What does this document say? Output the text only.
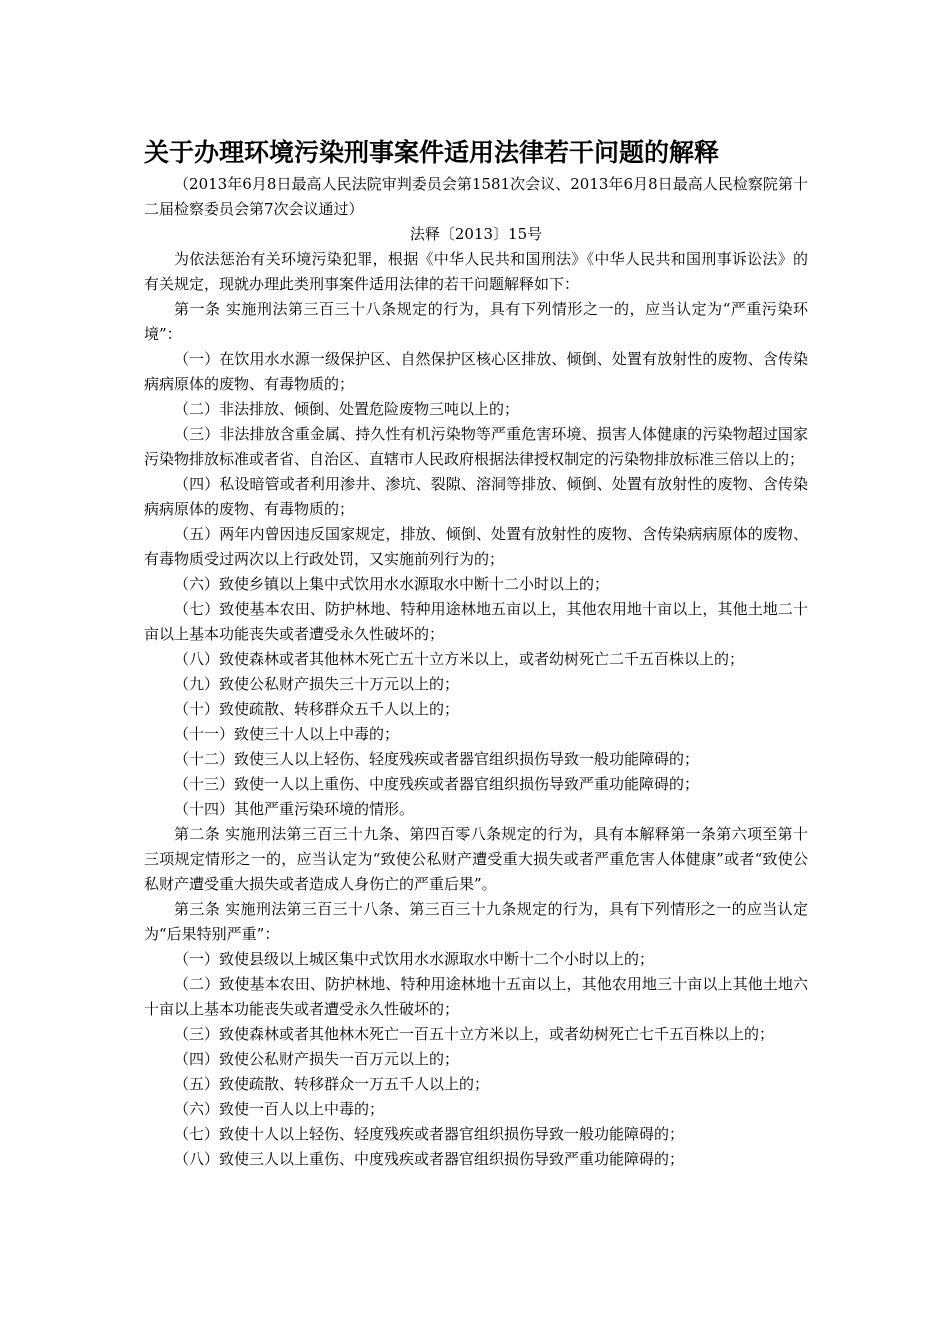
关于办理环境污染刑事案件适用法律若干问题的解释

（2013年6月8日最高人民法院审判委员会第1581次会议、2013年6月8日最高人民检察院第十二届检察委员会第7次会议通过）

法释〔2013〕15号

为依法惩治有关环境污染犯罪，根据《中华人民共和国刑法》《中华人民共和国刑事诉讼法》的有关规定，现就办理此类刑事案件适用法律的若干问题解释如下：

第一条 实施刑法第三百三十八条规定的行为，具有下列情形之一的，应当认定为“严重污染环境”：

（一）在饮用水水源一级保护区、自然保护区核心区排放、倾倒、处置有放射性的废物、含传染病病原体的废物、有毒物质的；

（二）非法排放、倾倒、处置危险废物三吨以上的；

（三）非法排放含重金属、持久性有机污染物等严重危害环境、损害人体健康的污染物超过国家污染物排放标准或者省、自治区、直辖市人民政府根据法律授权制定的污染物排放标准三倍以上的；

（四）私设暗管或者利用渗井、渗坑、裂隙、溶洞等排放、倾倒、处置有放射性的废物、含传染病病原体的废物、有毒物质的；

（五）两年内曾因违反国家规定，排放、倾倒、处置有放射性的废物、含传染病病原体的废物、有毒物质受过两次以上行政处罚，又实施前列行为的；

（六）致使乡镇以上集中式饮用水水源取水中断十二小时以上的；

（七）致使基本农田、防护林地、特种用途林地五亩以上，其他农用地十亩以上，其他土地二十亩以上基本功能丧失或者遭受永久性破坏的；

（八）致使森林或者其他林木死亡五十立方米以上，或者幼树死亡二千五百株以上的；

（九）致使公私财产损失三十万元以上的；

（十）致使疏散、转移群众五千人以上的；

（十一）致使三十人以上中毒的；

（十二）致使三人以上轻伤、轻度残疾或者器官组织损伤导致一般功能障碍的；

（十三）致使一人以上重伤、中度残疾或者器官组织损伤导致严重功能障碍的；

（十四）其他严重污染环境的情形。

第二条 实施刑法第三百三十九条、第四百零八条规定的行为，具有本解释第一条第六项至第十三项规定情形之一的，应当认定为“致使公私财产遭受重大损失或者严重危害人体健康”或者“致使公私财产遭受重大损失或者造成人身伤亡的严重后果”。

第三条 实施刑法第三百三十八条、第三百三十九条规定的行为，具有下列情形之一的应当认定为“后果特别严重”：

（一）致使县级以上城区集中式饮用水水源取水中断十二个小时以上的；

（二）致使基本农田、防护林地、特种用途林地十五亩以上，其他农用地三十亩以上其他土地六十亩以上基本功能丧失或者遭受永久性破坏的；

（三）致使森林或者其他林木死亡一百五十立方米以上，或者幼树死亡七千五百株以上的；

（四）致使公私财产损失一百万元以上的；

（五）致使疏散、转移群众一万五千人以上的；

（六）致使一百人以上中毒的；

（七）致使十人以上轻伤、轻度残疾或者器官组织损伤导致一般功能障碍的；

（八）致使三人以上重伤、中度残疾或者器官组织损伤导致严重功能障碍的；
